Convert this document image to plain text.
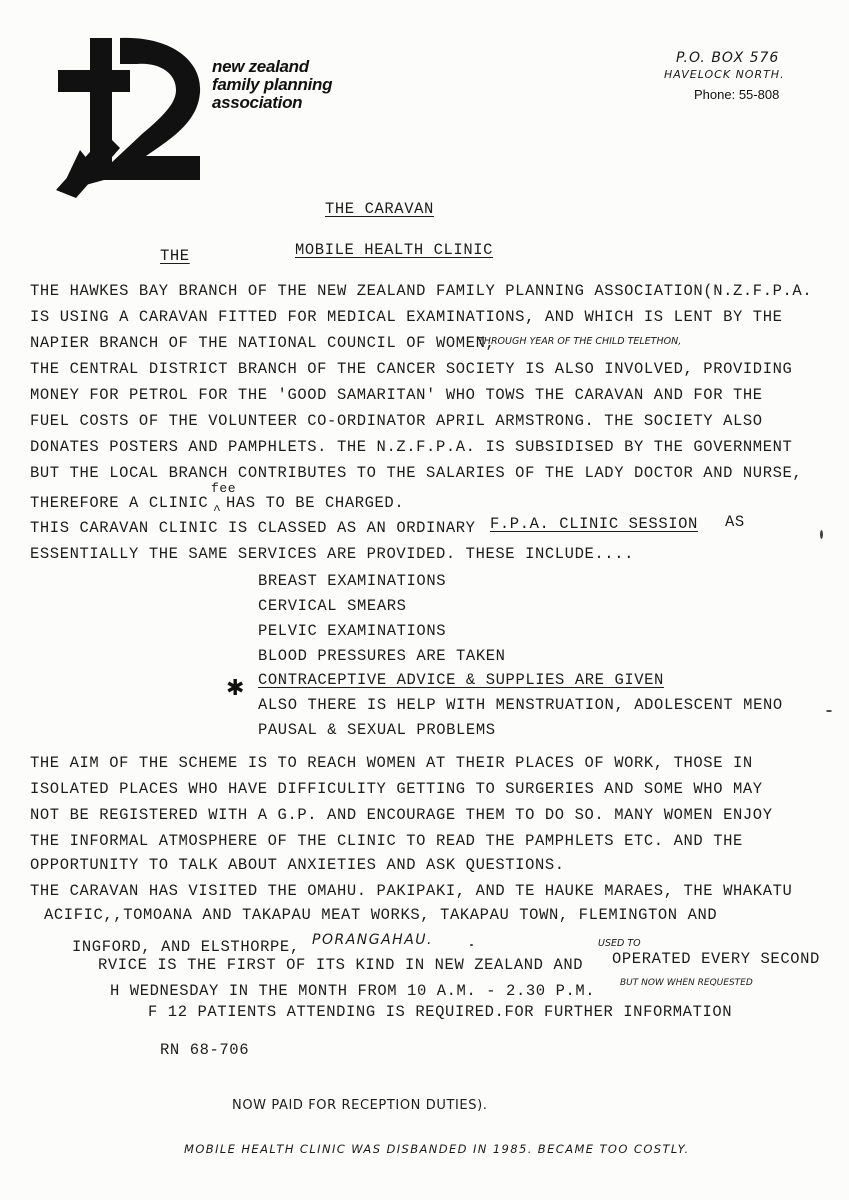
new zealand
family planning
association
P.O. BOX 576
HAVELOCK NORTH.
Phone: 55-808
THE CARAVAN
THE	MOBILE HEALTH CLINIC
THE HAWKES BAY BRANCH OF THE NEW ZEALAND FAMILY PLANNING ASSOCIATION(N.Z.F.P.A.
IS USING A CARAVAN FITTED FOR MEDICAL EXAMINATIONS, AND WHICH IS LENT BY THE
NAPIER BRANCH OF THE NATIONAL COUNCIL OF WOMEN,
THROUGH YEAR OF THE CHILD TELETHON,
THE CENTRAL DISTRICT BRANCH OF THE CANCER SOCIETY IS ALSO INVOLVED, PROVIDING
MONEY FOR PETROL FOR THE 'GOOD SAMARITAN' WHO TOWS THE CARAVAN AND FOR THE
FUEL COSTS OF THE VOLUNTEER CO-ORDINATOR APRIL ARMSTRONG. THE SOCIETY ALSO
DONATES POSTERS AND PAMPHLETS. THE N.Z.F.P.A. IS SUBSIDISED BY THE GOVERNMENT
BUT THE LOCAL BRANCH CONTRIBUTES TO THE SALARIES OF THE LADY DOCTOR AND NURSE,
THEREFORE A CLINIC
fee
^ HAS TO BE CHARGED.
THIS CARAVAN CLINIC IS CLASSED AS AN ORDINARY F.P.A. CLINIC SESSION AS
ESSENTIALLY THE SAME SERVICES ARE PROVIDED. THESE INCLUDE....
BREAST EXAMINATIONS
CERVICAL SMEARS
PELVIC EXAMINATIONS
BLOOD PRESSURES ARE TAKEN
✱ CONTRACEPTIVE ADVICE & SUPPLIES ARE GIVEN
ALSO THERE IS HELP WITH MENSTRUATION, ADOLESCENT MENO
PAUSAL & SEXUAL PROBLEMS
THE AIM OF THE SCHEME IS TO REACH WOMEN AT THEIR PLACES OF WORK, THOSE IN
ISOLATED PLACES WHO HAVE DIFFICULITY GETTING TO SURGERIES AND SOME WHO MAY
NOT BE REGISTERED WITH A G.P. AND ENCOURAGE THEM TO DO SO. MANY WOMEN ENJOY
THE INFORMAL ATMOSPHERE OF THE CLINIC TO READ THE PAMPHLETS ETC. AND THE
OPPORTUNITY TO TALK ABOUT ANXIETIES AND ASK QUESTIONS.
THE CARAVAN HAS VISITED THE OMAHU. PAKIPAKI, AND TE HAUKE MARAES, THE WHAKATU
ACIFIC,,TOMOANA AND TAKAPAU MEAT WORKS, TAKAPAU TOWN, FLEMINGTON AND
INGFORD, AND ELSTHORPE, PORANGAHAU.	USED TO
RVICE IS THE FIRST OF ITS KIND IN NEW ZEALAND AND OPERATED EVERY SECOND
H WEDNESDAY IN THE MONTH FROM 10 A.M. - 2.30 P.M.	BUT NOW WHEN REQUESTED
F 12 PATIENTS ATTENDING IS REQUIRED.FOR FURTHER INFORMATION
RN 68-706
NOW PAID FOR RECEPTION DUTIES).
MOBILE HEALTH CLINIC WAS DISBANDED IN 1985. BECAME TOO COSTLY.
